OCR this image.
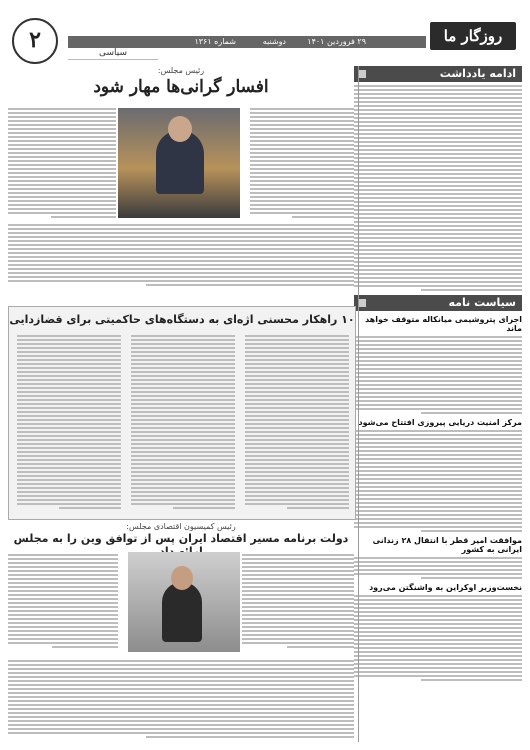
روزگار ما
دوشنبه	۲۹ فروردین ۱۴۰۱
شماره ۱۳۶۱
سیاسی
۲
ادامه یادداشت
سیاست نامه
اجرای پتروشیمی میانکاله متوقف خواهد ماند
مرکز امنیت دریایی پیروزی افتتاح می‌شود
موافقت امیر قطر با انتقال ۲۸ زندانی ایرانی به کشور
نخست‌وزیر اوکراین به واشنگتن می‌رود
رئیس مجلس:
افسار گرانی‌ها مهار شود
۱۰ راهکار محسنی اژه‌ای به دستگاه‌های حاکمیتی برای قضازدایی
رئیس کمیسیون اقتصادی مجلس:
دولت برنامه مسیر اقتصاد ایران پس از توافق وین را به مجلس
